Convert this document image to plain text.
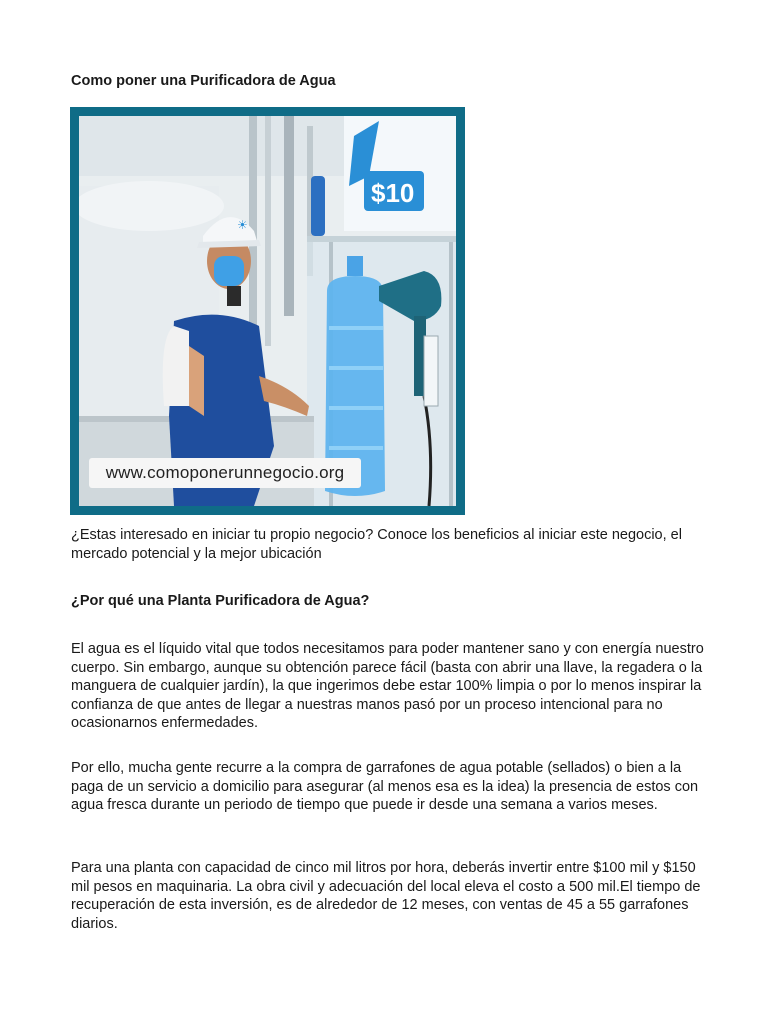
Como poner una Purificadora de Agua
$10
☀
www.comoponerunnegocio.org

¿Estas interesado en iniciar tu propio negocio? Conoce los beneficios al iniciar este negocio, el mercado potencial y la mejor ubicación

¿Por qué una Planta Purificadora de Agua?

El agua es el líquido vital que todos necesitamos para poder mantener sano y con energía nuestro cuerpo. Sin embargo, aunque su obtención parece fácil (basta con abrir una llave, la regadera o la manguera de cualquier jardín), la que ingerimos debe estar 100% limpia o por lo menos inspirar la confianza de que antes de llegar a nuestras manos pasó por un proceso intencional para no ocasionarnos enfermedades.

Por ello, mucha gente recurre a la compra de garrafones de agua potable (sellados) o bien a la paga de un servicio a domicilio para asegurar (al menos esa es la idea) la presencia de estos con agua fresca durante un periodo de tiempo que puede ir desde una semana a varios meses.

Para una planta con capacidad de cinco mil litros por hora, deberás invertir entre $100 mil y $150 mil pesos en maquinaria. La obra civil y adecuación del local eleva el costo a 500 mil.El tiempo de recuperación de esta inversión, es de alrededor de 12 meses, con ventas de 45 a 55 garrafones diarios.
